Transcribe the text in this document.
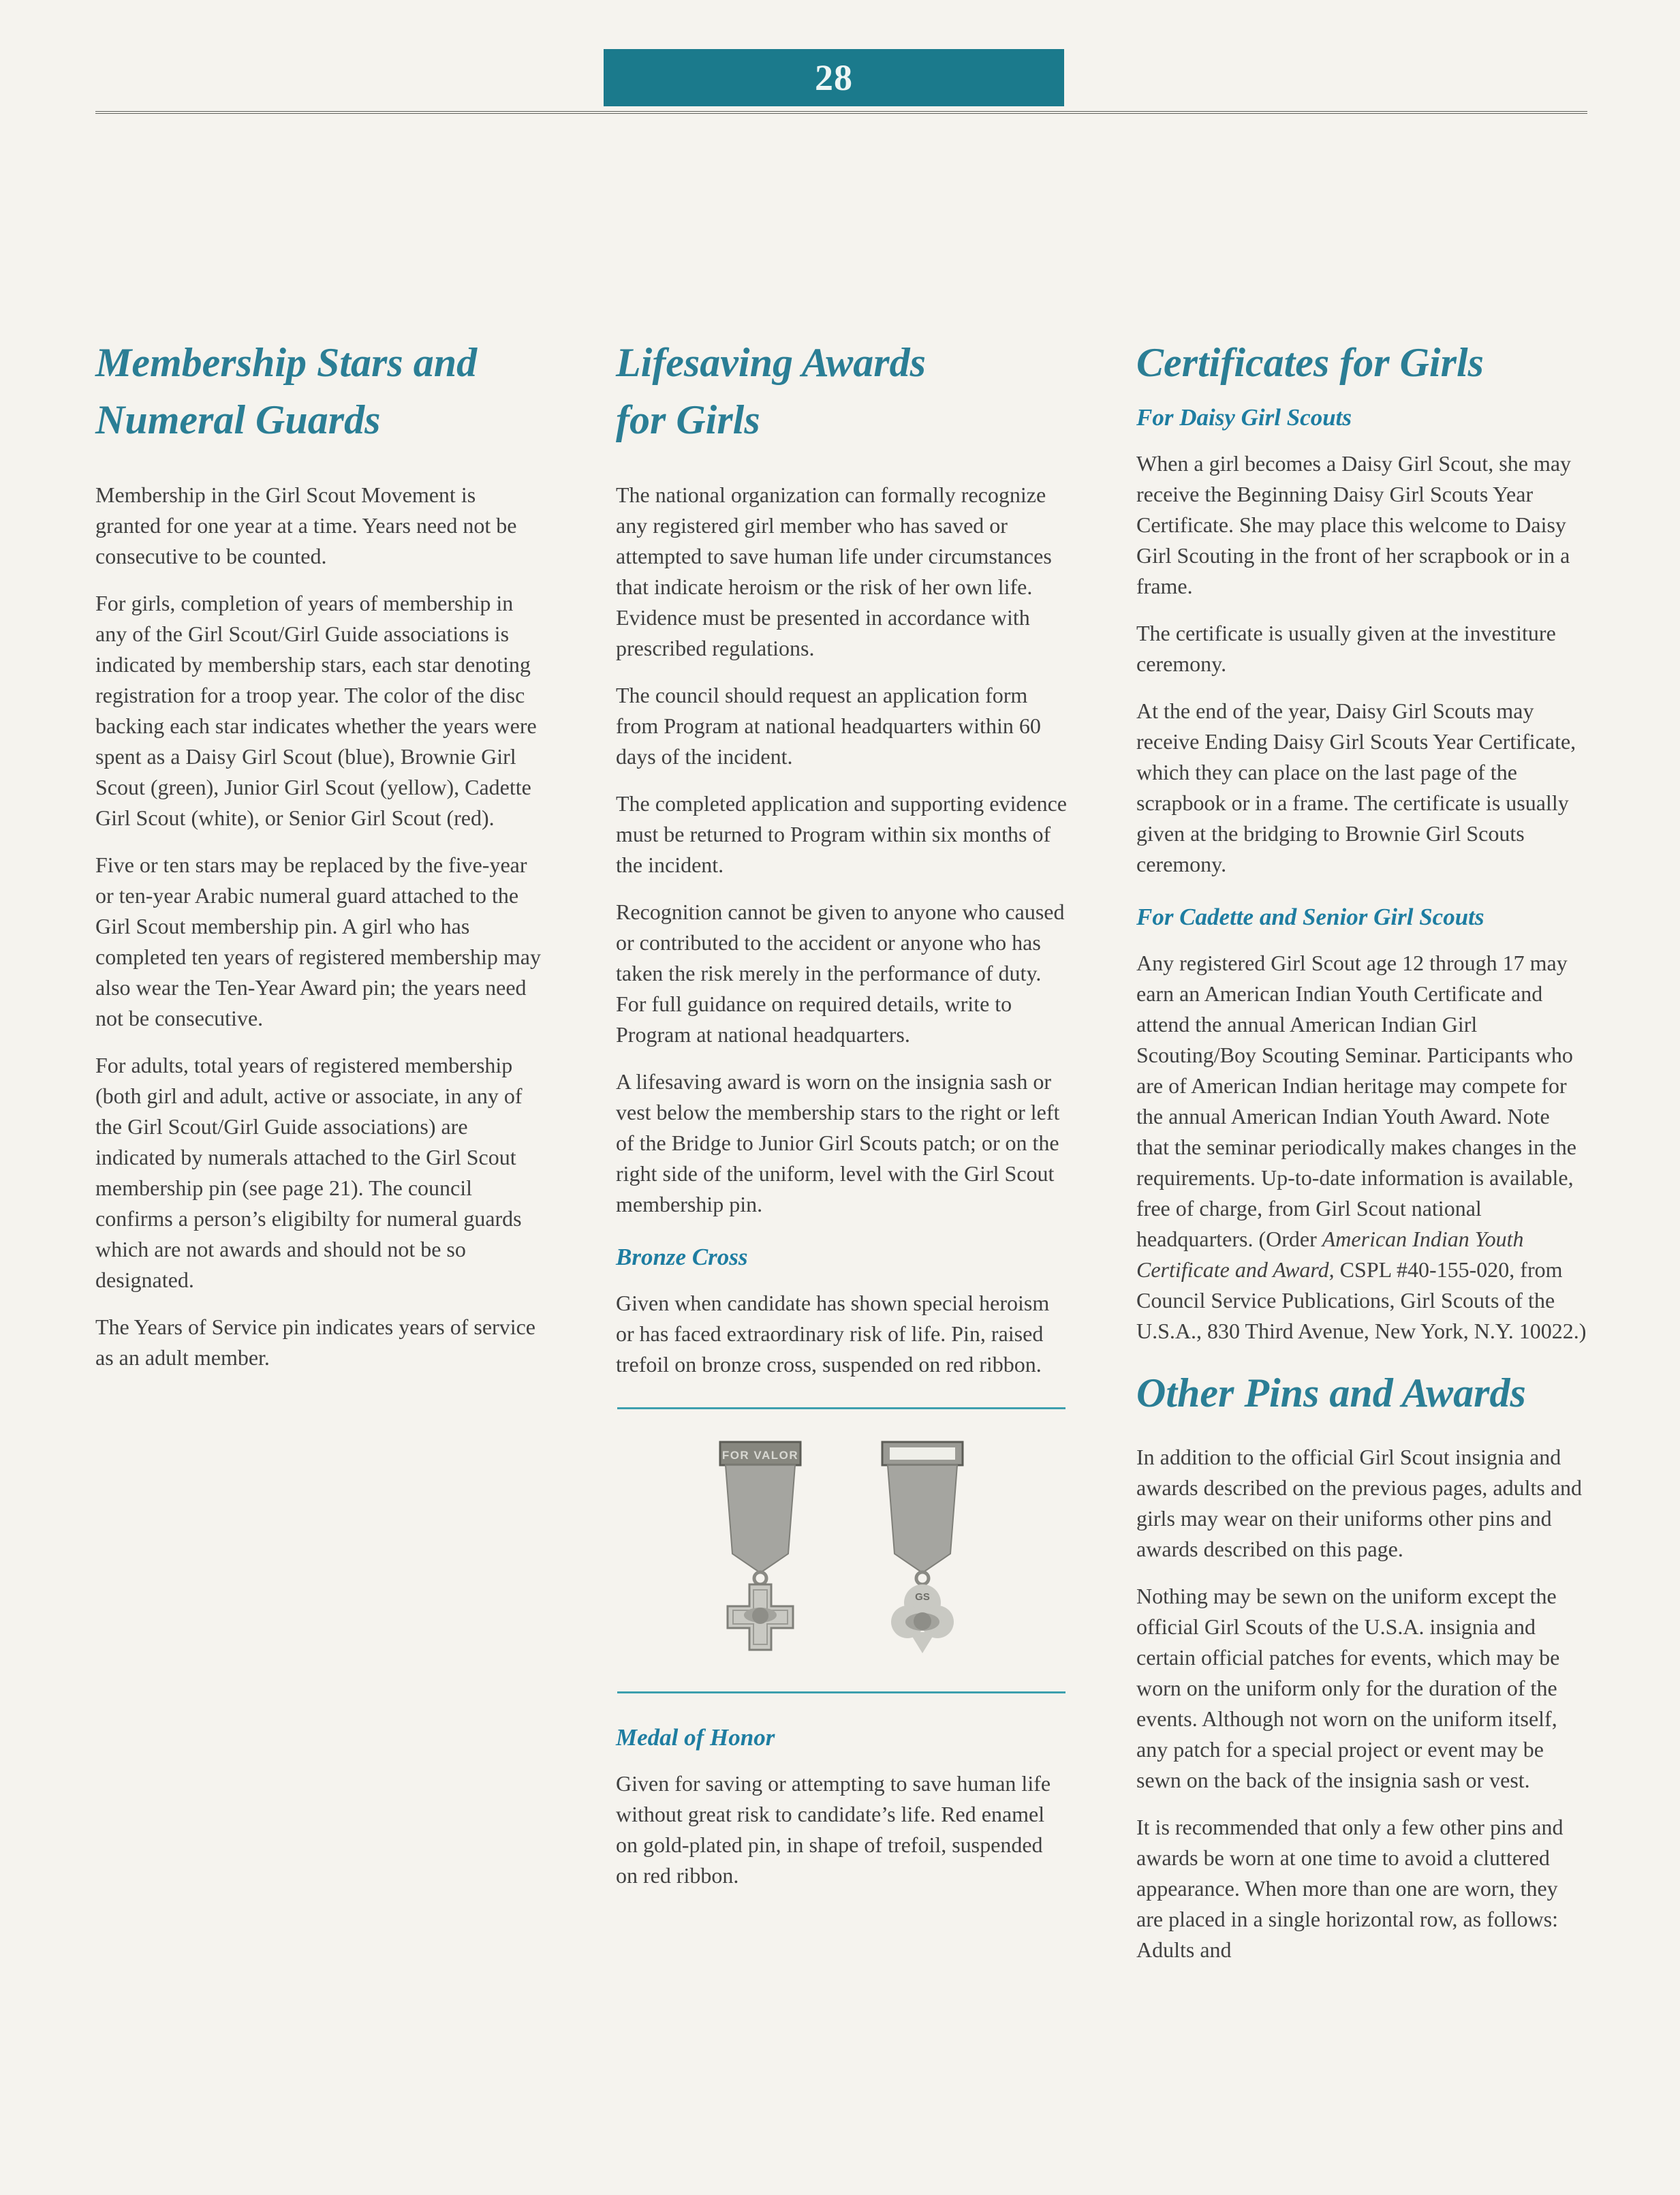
28
Membership Stars and
Numeral Guards

Membership in the Girl Scout Movement is granted for one year at a time. Years need not be consecutive to be counted.

For girls, completion of years of membership in any of the Girl Scout/Girl Guide associations is indicated by membership stars, each star denoting registration for a troop year. The color of the disc backing each star indicates whether the years were spent as a Daisy Girl Scout (blue), Brownie Girl Scout (green), Junior Girl Scout (yellow), Cadette Girl Scout (white), or Senior Girl Scout (red).

Five or ten stars may be replaced by the five-year or ten-year Arabic numeral guard attached to the Girl Scout membership pin. A girl who has completed ten years of registered membership may also wear the Ten-Year Award pin; the years need not be consecutive.

For adults, total years of registered membership (both girl and adult, active or associate, in any of the Girl Scout/Girl Guide associations) are indicated by numerals attached to the Girl Scout membership pin (see page 21). The council confirms a person’s eligibilty for numeral guards which are not awards and should not be so designated.

The Years of Service pin indicates years of service as an adult member.

Lifesaving Awards
for Girls

The national organization can formally recognize any registered girl member who has saved or attempted to save human life under circumstances that indicate heroism or the risk of her own life. Evidence must be presented in accordance with prescribed regulations.

The council should request an application form from Program at national headquarters within 60 days of the incident.

The completed application and supporting evidence must be returned to Program within six months of the incident.

Recognition cannot be given to anyone who caused or contributed to the accident or anyone who has taken the risk merely in the performance of duty. For full guidance on required details, write to Program at national headquarters.

A lifesaving award is worn on the insignia sash or vest below the membership stars to the right or left of the Bridge to Junior Girl Scouts patch; or on the right side of the uniform, level with the Girl Scout membership pin.

Bronze Cross

Given when candidate has shown special heroism or has faced extraordinary risk of life. Pin, raised trefoil on bronze cross, suspended on red ribbon.

FOR VALOR
GS
Medal of Honor

Given for saving or attempting to save human life without great risk to candidate’s life. Red enamel on gold-plated pin, in shape of trefoil, suspended on red ribbon.

Certificates for Girls
For Daisy Girl Scouts

When a girl becomes a Daisy Girl Scout, she may receive the Beginning Daisy Girl Scouts Year Certificate. She may place this welcome to Daisy Girl Scouting in the front of her scrapbook or in a frame.

The certificate is usually given at the investiture ceremony.

At the end of the year, Daisy Girl Scouts may receive Ending Daisy Girl Scouts Year Certificate, which they can place on the last page of the scrapbook or in a frame. The certificate is usually given at the bridging to Brownie Girl Scouts ceremony.

For Cadette and Senior Girl Scouts

Any registered Girl Scout age 12 through 17 may earn an American Indian Youth Certificate and attend the annual American Indian Girl Scouting/Boy Scouting Seminar. Participants who are of American Indian heritage may compete for the annual American Indian Youth Award. Note that the seminar periodically makes changes in the requirements. Up-to-date information is available, free of charge, from Girl Scout national headquarters. (Order American Indian Youth Certificate and Award, CSPL #40-155-020, from Council Service Publications, Girl Scouts of the U.S.A., 830 Third Avenue, New York, N.Y. 10022.)

Other Pins and Awards

In addition to the official Girl Scout insignia and awards described on the previous pages, adults and girls may wear on their uniforms other pins and awards described on this page.

Nothing may be sewn on the uniform except the official Girl Scouts of the U.S.A. insignia and certain official patches for events, which may be worn on the uniform only for the duration of the events. Although not worn on the uniform itself, any patch for a special project or event may be sewn on the back of the insignia sash or vest.

It is recommended that only a few other pins and awards be worn at one time to avoid a cluttered appearance. When more than one are worn, they are placed in a single horizontal row, as follows: Adults and
